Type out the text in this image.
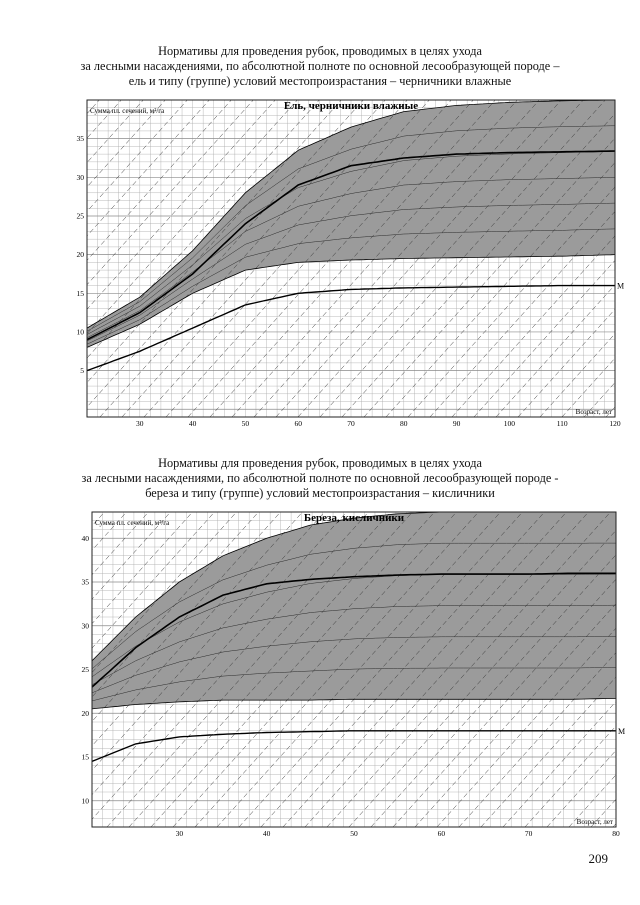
Нормативы для проведения рубок, проводимых в целях ухода
за лесными насаждениями, по абсолютной полноте по основной лесообразующей породе –
ель и типу (группе) условий местопроизрастания – черничники влажные
Ель, черничники влажные
Сумма пл. сечений, м²/га
Возраст, лет
5
10
15
20
25
30
35
30	40	50	60	70	80	90	100	110	120
М
Нормативы для проведения рубок, проводимых в целях ухода
за лесными насаждениями, по абсолютной полноте по основной лесообразующей породе -
береза и типу (группе) условий местопроизрастания – кисличники
Береза, кисличники
Сумма пл. сечений, м²/га
Возраст, лет
10
15
20
25
30
35
40
30	40	50	60	70	80
М
209
